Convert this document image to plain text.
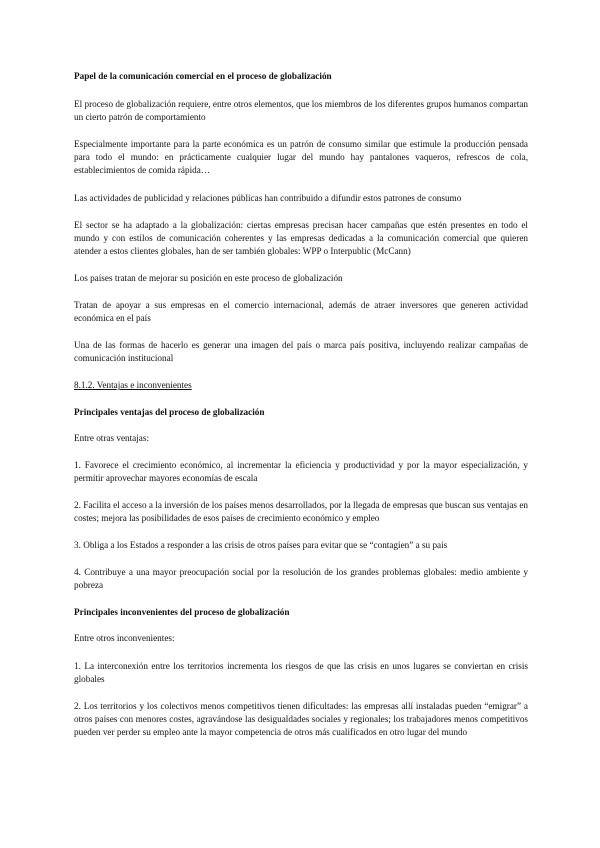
Papel de la comunicación comercial en el proceso de globalización

El proceso de globalización requiere, entre otros elementos, que los miembros de los diferentes grupos humanos compartan un cierto patrón de comportamiento

Especialmente importante para la parte económica es un patrón de consumo similar que estimule la producción pensada para todo el mundo: en prácticamente cualquier lugar del mundo hay pantalones vaqueros, refrescos de cola, establecimientos de comida rápida…

Las actividades de publicidad y relaciones públicas han contribuido a difundir estos patrones de consumo

El sector se ha adaptado a la globalización: ciertas empresas precisan hacer campañas que estén presentes en todo el mundo y con estilos de comunicación coherentes y las empresas dedicadas a la comunicación comercial que quieren atender a estos clientes globales, han de ser también globales: WPP o Interpublic (McCann)

Los países tratan de mejorar su posición en este proceso de globalización

Tratan de apoyar a sus empresas en el comercio internacional, además de atraer inversores que generen actividad económica en el país

Una de las formas de hacerlo es generar una imagen del país o marca país positiva, incluyendo realizar campañas de comunicación institucional

8.1.2. Ventajas e inconvenientes

Principales ventajas del proceso de globalización

Entre otras ventajas:

1. Favorece el crecimiento económico, al incrementar la eficiencia y productividad y por la mayor especialización, y permitir aprovechar mayores economías de escala

2. Facilita el acceso a la inversión de los países menos desarrollados, por la llegada de empresas que buscan sus ventajas en costes; mejora las posibilidades de esos países de crecimiento económico y empleo

3. Obliga a los Estados a responder a las crisis de otros países para evitar que se “contagien” a su país

4. Contribuye a una mayor preocupación social por la resolución de los grandes problemas globales: medio ambiente y pobreza

Principales inconvenientes del proceso de globalización

Entre otros inconvenientes:

1. La interconexión entre los territorios incrementa los riesgos de que las crisis en unos lugares se conviertan en crisis globales

2. Los territorios y los colectivos menos competitivos tienen dificultades: las empresas allí instaladas pueden “emigrar” a otros países con menores costes, agravándose las desigualdades sociales y regionales; los trabajadores menos competitivos pueden ver perder su empleo ante la mayor competencia de otros más cualificados en otro lugar del mundo
